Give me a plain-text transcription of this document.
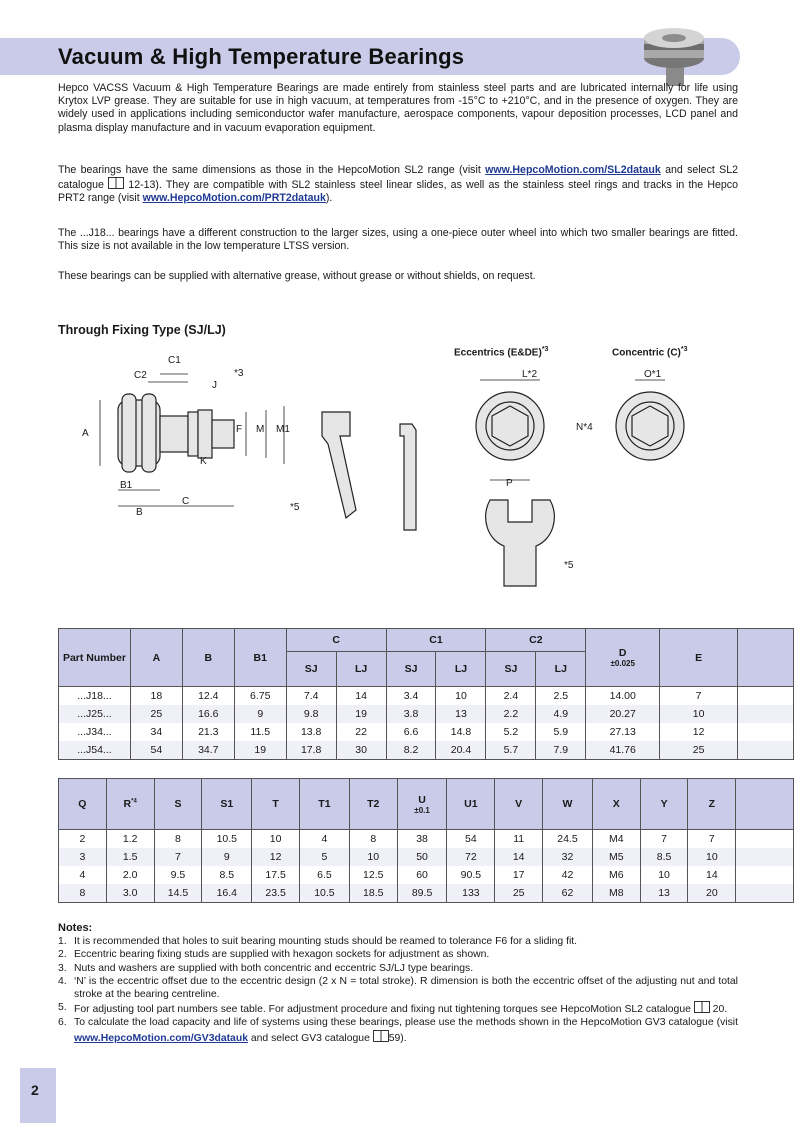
Vacuum & High Temperature Bearings

Hepco VACSS Vacuum & High Temperature Bearings are made entirely from stainless steel parts and are lubricated internally for life using Krytox LVP grease. They are suitable for use in high vacuum, at temperatures from -15°C to +210°C, and in the presence of oxygen. They are widely used in applications including semiconductor wafer manufacture, aerospace components, vapour deposition processes, LCD panel and plasma display manufacture and in vacuum evaporation equipment.

The bearings have the same dimensions as those in the HepcoMotion SL2 range (visit www.HepcoMotion.com/SL2datauk and select SL2 catalogue 12-13). They are compatible with SL2 stainless steel linear slides, as well as the stainless steel rings and tracks in the Hepco PRT2 range (visit www.HepcoMotion.com/PRT2datauk).

The ...J18... bearings have a different construction to the larger sizes, using a one-piece outer wheel into which two smaller bearings are fitted. This size is not available in the low temperature LTSS version.

These bearings can be supplied with alternative grease, without grease or without shields, on request.

Through Fixing Type (SJ/LJ)
Eccentrics (E&DE)$^{*3}$	Concentric $(C)^{*3}$
A
C1
C2
J
*3
F M M1
K
B1
B
C
*5
L*2
N*4
O*1
P
*5
Part Number	A	B	B1	C		C1		C2		D
±0.025	E	
				SJ	LJ	SJ	LJ	SJ	LJ			
...J18...	18	12.4	6.75	7.4	14	3.4	10	2.4	2.5	14.00	7	
...J25...	25	16.6	9	9.8	19	3.8	13	2.2	4.9	20.27	10	
...J34...	34	21.3	11.5	13.8	22	6.6	14.8	5.2	5.9	27.13	12	
...J54...	54	34.7	19	17.8	30	8.2	20.4	5.7	7.9	41.76	25	
Q	$R^{*4}$	S	S1	T	T1	T2	U
±0.1	U1	V	W	X	Y	Z	
2	1.2	8	10.5	10	4	8	38	54	11	24.5	M4	7	7	
3	1.5	7	9	12	5	10	50	72	14	32	M5	8.5	10	
4	2.0	9.5	8.5	17.5	6.5	12.5	60	90.5	17	42	M6	10	14	
8	3.0	14.5	16.4	23.5	10.5	18.5	89.5	133	25	62	M8	13	20	
Notes:
1. It is recommended that holes to suit bearing mounting studs should be reamed to tolerance F6 for a sliding fit.
2. Eccentric bearing fixing studs are supplied with hexagon sockets for adjustment as shown.
3. Nuts and washers are supplied with both concentric and eccentric SJ/LJ type bearings.
4. ‘N’ is the eccentric offset due to the eccentric design (2 x N = total stroke). R dimension is both the eccentric offset of the adjusting nut and total stroke at the bearing centreline.
5. For adjusting tool part numbers see table. For adjustment procedure and fixing nut tightening torques see HepcoMotion SL2 catalogue 20.
6. To calculate the load capacity and life of systems using these bearings, please use the methods shown in the HepcoMotion GV3 catalogue (visit www.HepcoMotion.com/GV3datauk and select GV3 catalogue 59).
2
